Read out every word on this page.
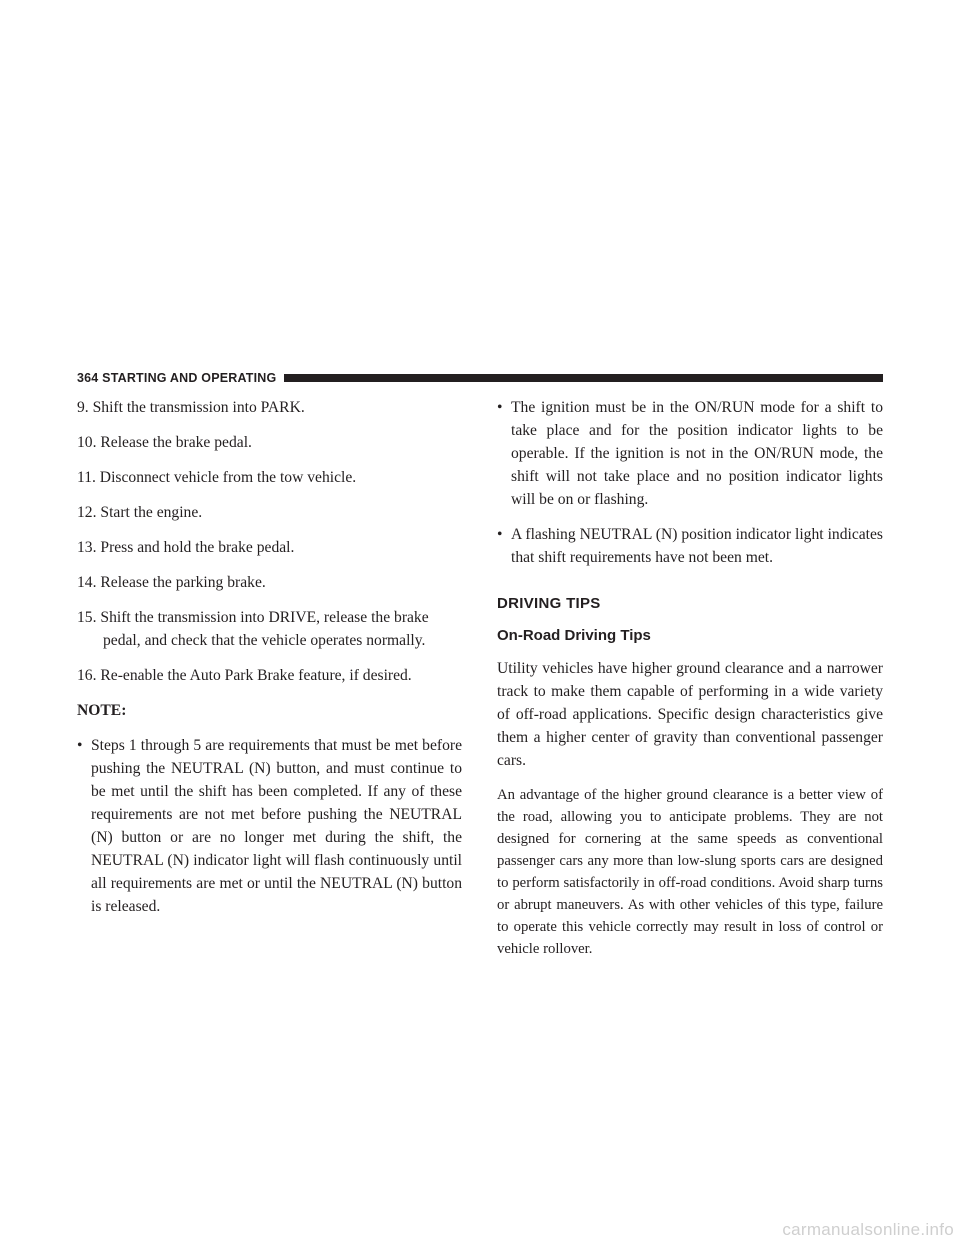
364 STARTING AND OPERATING
9. Shift the transmission into PARK.
10. Release the brake pedal.
11. Disconnect vehicle from the tow vehicle.
12. Start the engine.
13. Press and hold the brake pedal.
14. Release the parking brake.
15. Shift the transmission into DRIVE, release the brake pedal, and check that the vehicle operates normally.
16. Re-enable the Auto Park Brake feature, if desired.
NOTE:
• Steps 1 through 5 are requirements that must be met before pushing the NEUTRAL (N) button, and must continue to be met until the shift has been completed. If any of these requirements are not met before pushing the NEUTRAL (N) button or are no longer met during the shift, the NEUTRAL (N) indicator light will flash continuously until all requirements are met or until the NEUTRAL (N) button is released.
• The ignition must be in the ON/RUN mode for a shift to take place and for the position indicator lights to be operable. If the ignition is not in the ON/RUN mode, the shift will not take place and no position indicator lights will be on or flashing.
• A flashing NEUTRAL (N) position indicator light indicates that shift requirements have not been met.
DRIVING TIPS
On-Road Driving Tips
Utility vehicles have higher ground clearance and a narrower track to make them capable of performing in a wide variety of off-road applications. Specific design characteristics give them a higher center of gravity than conventional passenger cars.
An advantage of the higher ground clearance is a better view of the road, allowing you to anticipate problems. They are not designed for cornering at the same speeds as conventional passenger cars any more than low-slung sports cars are designed to perform satisfactorily in off-road conditions. Avoid sharp turns or abrupt maneuvers. As with other vehicles of this type, failure to operate this vehicle correctly may result in loss of control or vehicle rollover.
carmanualsonline.info
